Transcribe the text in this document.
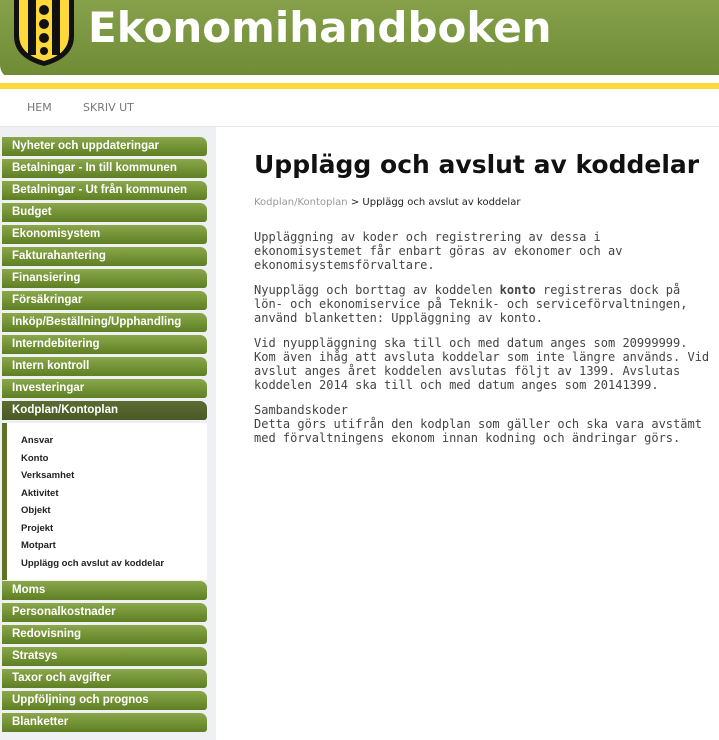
Ekonomihandboken
HEM	SKRIV UT
Nyheter och uppdateringar
Betalningar - In till kommunen
Betalningar - Ut från kommunen
Budget
Ekonomisystem
Fakturahantering
Finansiering
Försäkringar
Inköp/Beställning/Upphandling
Interndebitering
Intern kontroll
Investeringar
Kodplan/Kontoplan
Ansvar
Konto
Verksamhet
Aktivitet
Objekt
Projekt
Motpart
Upplägg och avslut av koddelar
Moms
Personalkostnader
Redovisning
Stratsys
Taxor och avgifter
Uppföljning och prognos
Blanketter
Upplägg och avslut av koddelar
Kodplan/Kontoplan > Upplägg och avslut av koddelar

Uppläggning av koder och registrering av dessa i ekonomisystemet får enbart göras av ekonomer och av ekonomisystemsförvaltare.

Nyupplägg och borttag av koddelen konto registreras dock på lön- och ekonomiservice på Teknik- och serviceförvaltningen, använd blanketten: Uppläggning av konto.

Vid nyuppläggning ska till och med datum anges som 20999999. Kom även ihåg att avsluta koddelar som inte längre används. Vid avslut anges året koddelen avslutas följt av 1399. Avslutas koddelen 2014 ska till och med datum anges som 20141399.

Sambandskoder

Detta görs utifrån den kodplan som gäller och ska vara avstämt med förvaltningens ekonom innan kodning och ändringar görs.
